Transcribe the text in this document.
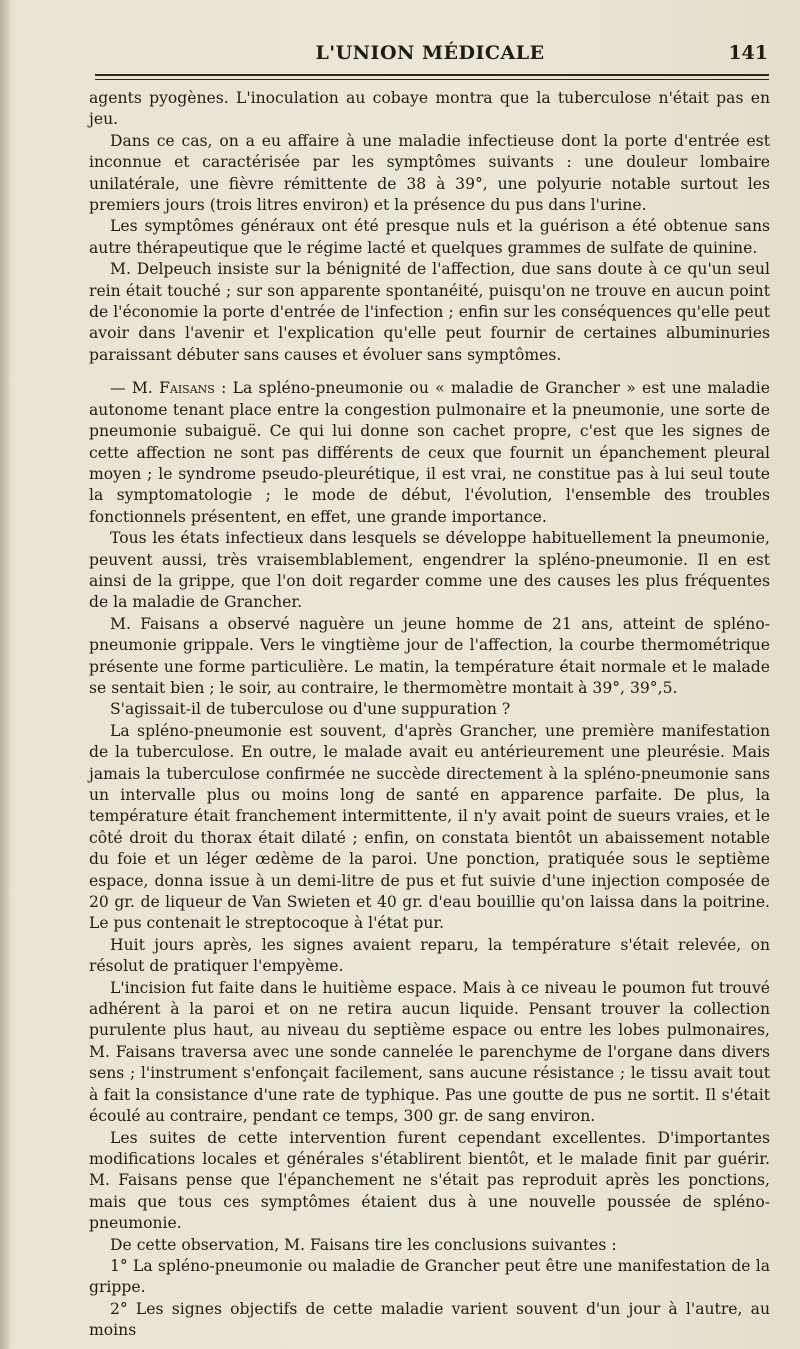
L'UNION MÉDICALE	141

agents pyogènes. L'inoculation au cobaye montra que la tuberculose n'était pas en jeu.

Dans ce cas, on a eu affaire à une maladie infectieuse dont la porte d'entrée est inconnue et caractérisée par les symptômes suivants : une douleur lombaire unilatérale, une fièvre rémittente de 38 à 39°, une polyurie notable surtout les premiers jours (trois litres environ) et la présence du pus dans l'urine.

Les symptômes généraux ont été presque nuls et la guérison a été obtenue sans autre thérapeutique que le régime lacté et quelques grammes de sulfate de quinine.

M. Delpeuch insiste sur la bénignité de l'affection, due sans doute à ce qu'un seul rein était touché ; sur son apparente spontanéité, puisqu'on ne trouve en aucun point de l'économie la porte d'entrée de l'infection ; enfin sur les conséquences qu'elle peut avoir dans l'avenir et l'explication qu'elle peut fournir de certaines albuminuries paraissant débuter sans causes et évoluer sans symptômes.

— M. Faisans : La spléno-pneumonie ou « maladie de Grancher » est une maladie autonome tenant place entre la congestion pulmonaire et la pneumonie, une sorte de pneumonie subaiguë. Ce qui lui donne son cachet propre, c'est que les signes de cette affection ne sont pas différents de ceux que fournit un épanchement pleural moyen ; le syndrome pseudo-pleurétique, il est vrai, ne constitue pas à lui seul toute la symptomatologie ; le mode de début, l'évolution, l'ensemble des troubles fonctionnels présentent, en effet, une grande importance.

Tous les états infectieux dans lesquels se développe habituellement la pneumonie, peuvent aussi, très vraisemblablement, engendrer la spléno-pneumonie. Il en est ainsi de la grippe, que l'on doit regarder comme une des causes les plus fréquentes de la maladie de Grancher.

M. Faisans a observé naguère un jeune homme de 21 ans, atteint de spléno-pneumonie grippale. Vers le vingtième jour de l'affection, la courbe thermométrique présente une forme particulière. Le matin, la température était normale et le malade se sentait bien ; le soir, au contraire, le thermomètre montait à 39°, 39°,5.

S'agissait-il de tuberculose ou d'une suppuration ?

La spléno-pneumonie est souvent, d'après Grancher, une première manifestation de la tuberculose. En outre, le malade avait eu antérieurement une pleurésie. Mais jamais la tuberculose confirmée ne succède directement à la spléno-pneumonie sans un intervalle plus ou moins long de santé en apparence parfaite. De plus, la température était franchement intermittente, il n'y avait point de sueurs vraies, et le côté droit du thorax était dilaté ; enfin, on constata bientôt un abaissement notable du foie et un léger œdème de la paroi. Une ponction, pratiquée sous le septième espace, donna issue à un demi-litre de pus et fut suivie d'une injection composée de 20 gr. de liqueur de Van Swieten et 40 gr. d'eau bouillie qu'on laissa dans la poitrine. Le pus contenait le streptocoque à l'état pur.

Huit jours après, les signes avaient reparu, la température s'était relevée, on résolut de pratiquer l'empyème.

L'incision fut faite dans le huitième espace. Mais à ce niveau le poumon fut trouvé adhérent à la paroi et on ne retira aucun liquide. Pensant trouver la collection purulente plus haut, au niveau du septième espace ou entre les lobes pulmonaires, M. Faisans traversa avec une sonde cannelée le parenchyme de l'organe dans divers sens ; l'instrument s'enfonçait facilement, sans aucune résistance ; le tissu avait tout à fait la consistance d'une rate de typhique. Pas une goutte de pus ne sortit. Il s'était écoulé au contraire, pendant ce temps, 300 gr. de sang environ.

Les suites de cette intervention furent cependant excellentes. D'importantes modifications locales et générales s'établirent bientôt, et le malade finit par guérir. M. Faisans pense que l'épanchement ne s'était pas reproduit après les ponctions, mais que tous ces symptômes étaient dus à une nouvelle poussée de spléno-pneumonie.

De cette observation, M. Faisans tire les conclusions suivantes :

1° La spléno-pneumonie ou maladie de Grancher peut être une manifestation de la grippe.

2° Les signes objectifs de cette maladie varient souvent d'un jour à l'autre, au moins
